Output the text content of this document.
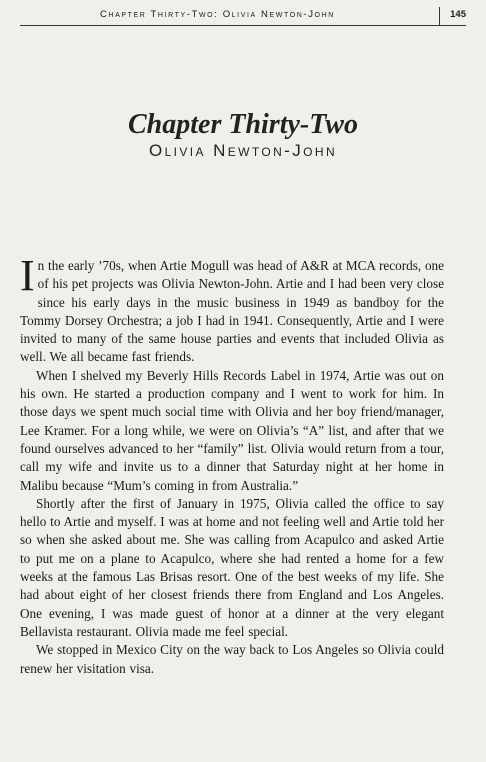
Chapter Thirty-Two: Olivia Newton-John	145
Chapter Thirty-Two
Olivia Newton-John

In the early ’70s, when Artie Mogull was head of A&R at MCA records, one of his pet projects was Olivia Newton-John. Artie and I had been very close since his early days in the music business in 1949 as bandboy for the Tommy Dorsey Orchestra; a job I had in 1941. Consequently, Artie and I were invited to many of the same house parties and events that included Olivia as well. We all became fast friends.

When I shelved my Beverly Hills Records Label in 1974, Artie was out on his own. He started a production company and I went to work for him. In those days we spent much social time with Olivia and her boy friend/manager, Lee Kramer. For a long while, we were on Olivia’s “A” list, and after that we found ourselves advanced to her “family” list. Olivia would return from a tour, call my wife and invite us to a dinner that Saturday night at her home in Malibu because “Mum’s coming in from Australia.”

Shortly after the first of January in 1975, Olivia called the office to say hello to Artie and myself. I was at home and not feeling well and Artie told her so when she asked about me. She was calling from Acapulco and asked Artie to put me on a plane to Acapulco, where she had rented a home for a few weeks at the famous Las Brisas resort. One of the best weeks of my life. She had about eight of her closest friends there from England and Los Angeles. One evening, I was made guest of honor at a dinner at the very elegant Bellavista restaurant. Olivia made me feel special.

We stopped in Mexico City on the way back to Los Angeles so Olivia could renew her visitation visa.
